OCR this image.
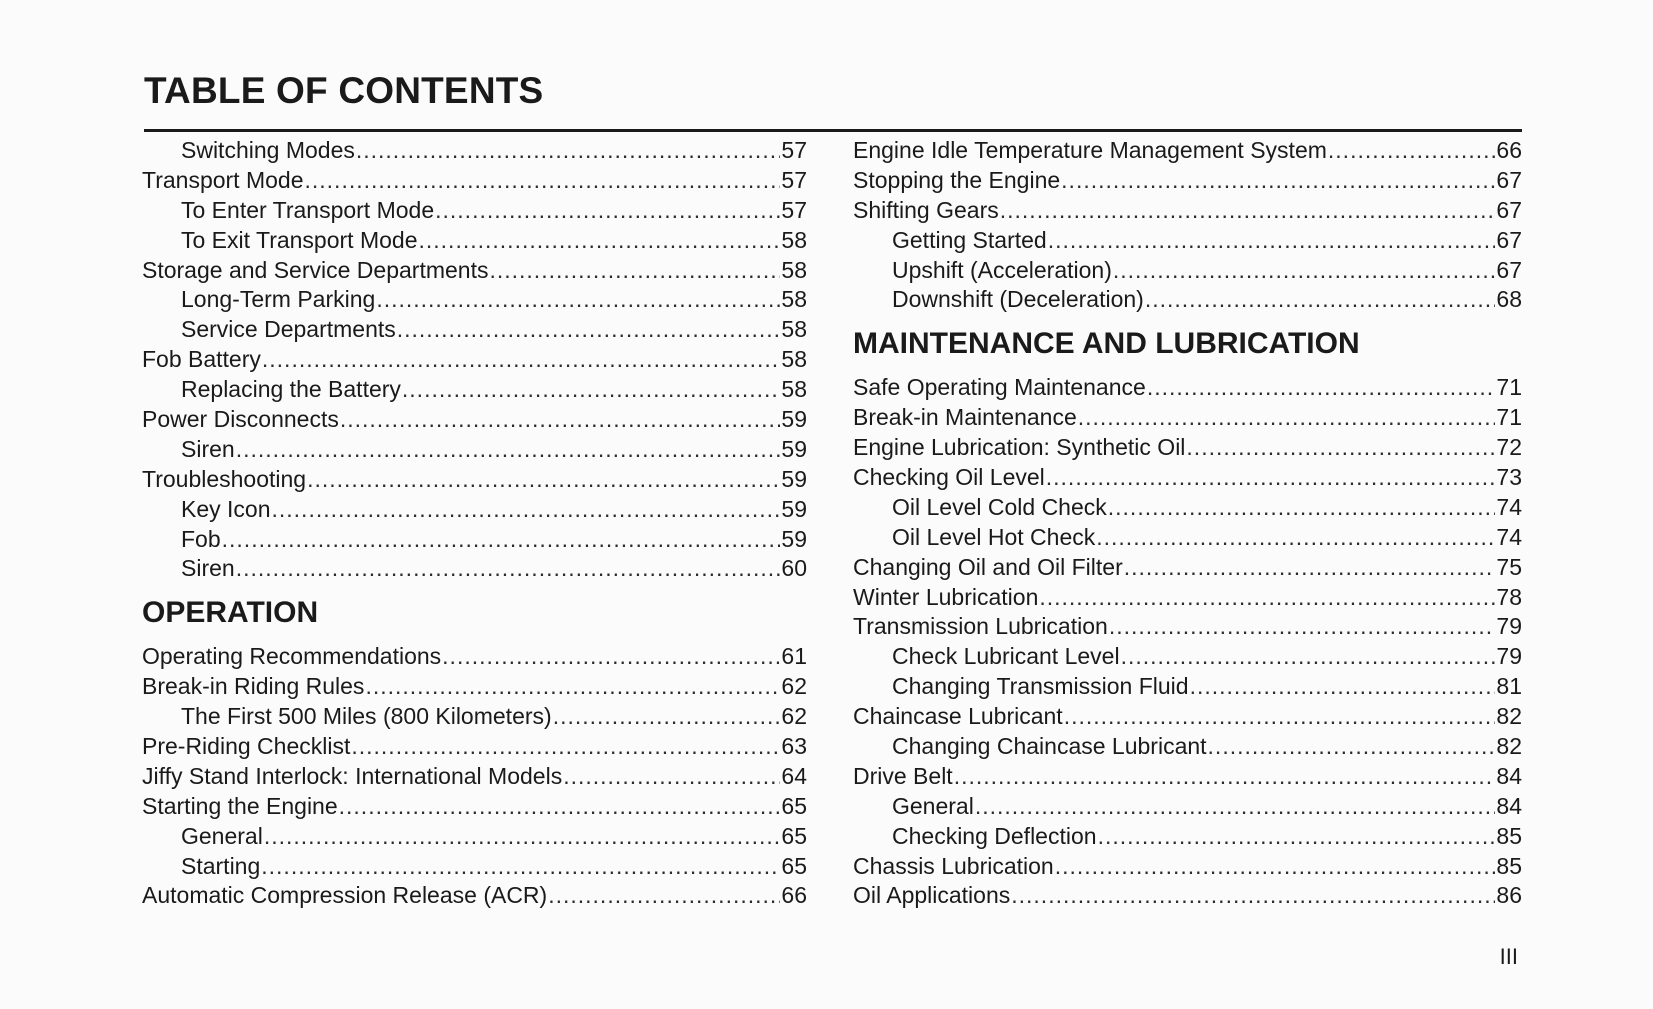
TABLE OF CONTENTS
Switching Modes .....	57
Transport Mode .....	57
To Enter Transport Mode .....	57
To Exit Transport Mode .....	58
Storage and Service Departments .....	58
Long-Term Parking .....	58
Service Departments .....	58
Fob Battery .....	58
Replacing the Battery .....	58
Power Disconnects .....	59
Siren .....	59
Troubleshooting .....	59
Key Icon .....	59
Fob .....	59
Siren .....	60
OPERATION
Operating Recommendations .....	61
Break-in Riding Rules .....	62
The First 500 Miles (800 Kilometers) .....	62
Pre-Riding Checklist .....	63
Jiffy Stand Interlock: International Models .....	64
Starting the Engine .....	65
General .....	65
Starting .....	65
Automatic Compression Release (ACR) .....	66
Engine Idle Temperature Management System .....	66
Stopping the Engine .....	67
Shifting Gears .....	67
Getting Started .....	67
Upshift (Acceleration) .....	67
Downshift (Deceleration) .....	68
MAINTENANCE AND LUBRICATION
Safe Operating Maintenance .....	71
Break-in Maintenance .....	71
Engine Lubrication: Synthetic Oil .....	72
Checking Oil Level .....	73
Oil Level Cold Check .....	74
Oil Level Hot Check .....	74
Changing Oil and Oil Filter .....	75
Winter Lubrication .....	78
Transmission Lubrication .....	79
Check Lubricant Level .....	79
Changing Transmission Fluid .....	81
Chaincase Lubricant .....	82
Changing Chaincase Lubricant .....	82
Drive Belt .....	84
General .....	84
Checking Deflection .....	85
Chassis Lubrication .....	85
Oil Applications .....	86
III
